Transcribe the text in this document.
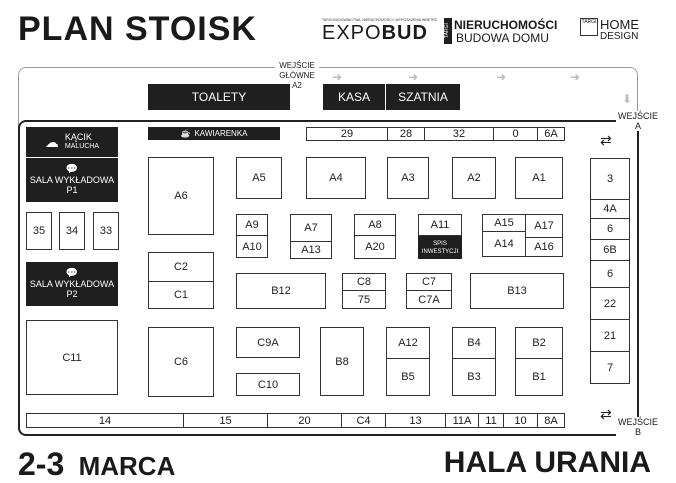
PLAN STOISK	TARGI BUDOWNICTWA, NIERUCHOMOŚCI I WYPOSAŻENIA WNĘTRZ
EXPOBUD	TARGI NIERUCHOMOŚCI
BUDOWA DOMU
TARGI HOME
DESIGN
WEJŚCIE
GŁÓWNE
A2
➜	➜	➜	➜
⬇
TOALETY	KASA	SZATNIA
WEJŚCIE
A
⇄
WEJŚCIE
B
⇄
☁ KĄCIK
MALUCHA
💬
SALA WYKŁADOWA
P1
💬
SALA WYKŁADOWA
P2
☕ KAWIARENKA	29	28	32	0	6A
35	34	33
C11
A6
C2
C1
C6
A5	A4	A3	A2	A1
A9
A10
A7
A13
A8
A20
A11
SPIS
INWESTYCJI
A15
A14
A17
A16
B12
C8
75
C7
C7A
B13
C9A
C10
B8
A12
B5
B4
B3
B2
B1
3
4A
6
6B
6
22
21
7
14	15	20	C4	13	11A	11	10	8A
2-3 MARCA	HALA URANIA
